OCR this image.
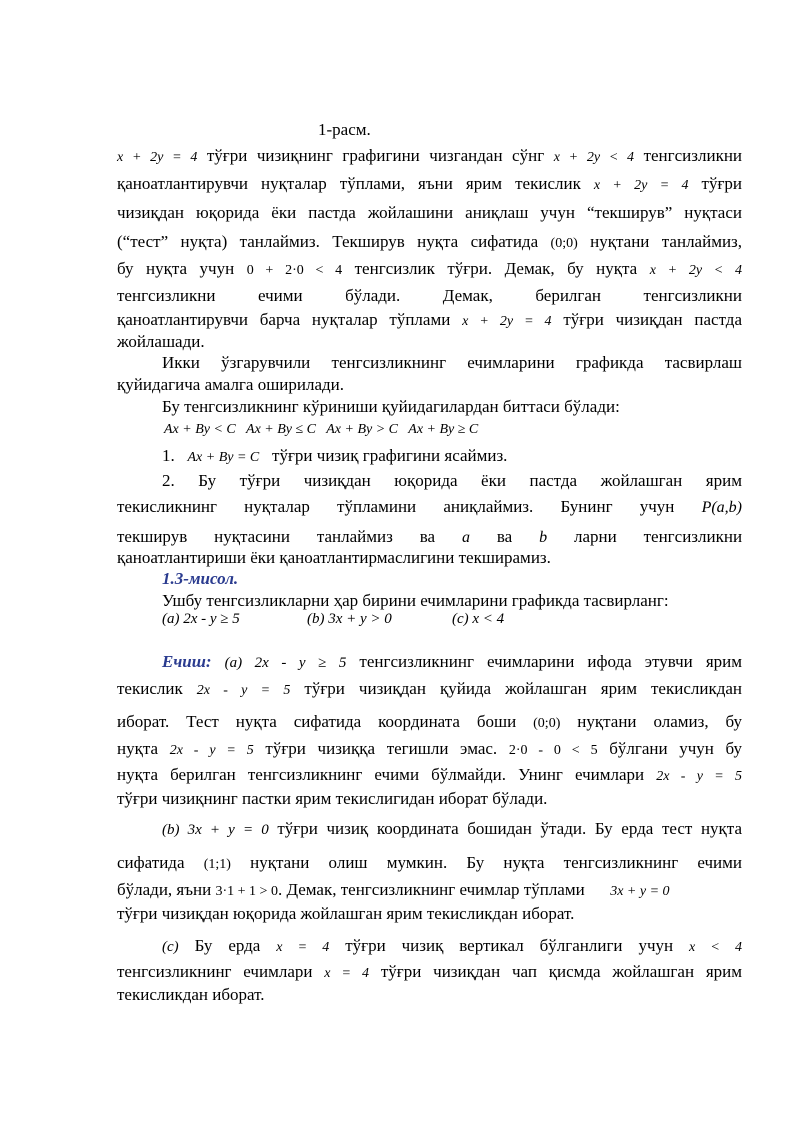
1-расм.
x + 2y = 4 тўғри чизиқнинг графигини чизгандан сўнг x + 2y < 4 тенгсизликни
қаноатлантирувчи нуқталар тўплами, яъни ярим текислик x + 2y = 4 тўғри
чизиқдан юқорида ёки пастда жойлашини аниқлаш учун “текширув” нуқтаси
(“тест” нуқта) танлаймиз. Текширув нуқта сифатида (0;0) нуқтани танлаймиз,
бу нуқта учун 0 + 2·0 < 4 тенгсизлик тўғри. Демак, бу нуқта x + 2y < 4
тенгсизликни ечими бўлади. Демак, берилган тенгсизликни
қаноатлантирувчи барча нуқталар тўплами x + 2y = 4 тўғри чизиқдан пастда
жойлашади.
Икки ўзгарувчили тенгсизликнинг ечимларини графикда тасвирлаш
қуйидагича амалга оширилади.
Бу тенгсизликнинг кўриниши қуйидагилардан биттаси бўлади:
Ax + By < C   Ax + By ≤ C   Ax + By > C   Ax + By ≥ C
1. Ax + By = C тўғри чизиқ графигини ясаймиз.
2. Бу тўғри чизиқдан юқорида ёки пастда жойлашган ярим
текисликнинг нуқталар тўпламини аниқлаймиз. Бунинг учун P(a,b)
текширув нуқтасини танлаймиз ва a ва b ларни тенгсизликни
қаноатлантириши ёки қаноатлантирмаслигини текширамиз.
1.3-мисол.
Ушбу тенгсизликларни ҳар бирини ечимларини графикда тасвирланг:
(a) 2x - y ≥ 5	(b) 3x + y > 0	(c) x < 4
Ечиш: (a) 2x - y ≥ 5 тенгсизликнинг ечимларини ифода этувчи ярим
текислик 2x - y = 5 тўғри чизиқдан қуйида жойлашган ярим текисликдан
иборат. Тест нуқта сифатида координата боши (0;0) нуқтани оламиз, бу
нуқта 2x - y = 5 тўғри чизиққа тегишли эмас. 2·0 - 0 < 5 бўлгани учун бу
нуқта берилган тенгсизликнинг ечими бўлмайди. Унинг ечимлари 2x - y = 5
тўғри чизиқнинг пастки ярим текислигидан иборат бўлади.
(b) 3x + y = 0 тўғри чизиқ координата бошидан ўтади. Бу ерда тест нуқта
сифатида (1;1) нуқтани олиш мумкин. Бу нуқта тенгсизликнинг ечими
бўлади, яъни 3·1 + 1 > 0. Демак, тенгсизликнинг ечимлар тўплами 3x + y = 0
тўғри чизиқдан юқорида жойлашган ярим текисликдан иборат.
(c) Бу ерда x = 4 тўғри чизиқ вертикал бўлганлиги учун x < 4
тенгсизликнинг ечимлари x = 4 тўғри чизиқдан чап қисмда жойлашган ярим
текисликдан иборат.
